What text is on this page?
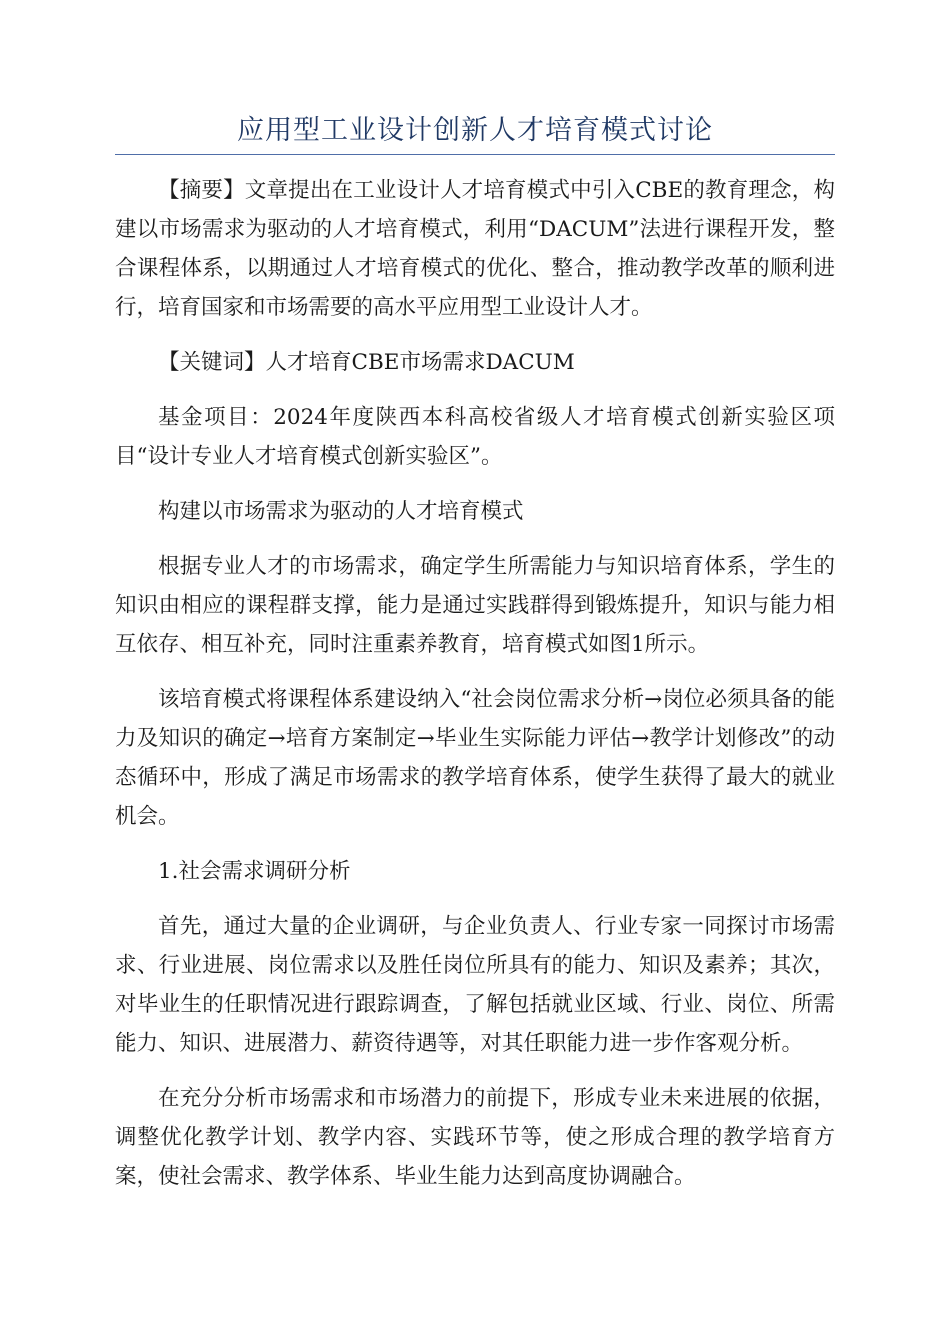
应用型工业设计创新人才培育模式讨论

【摘要】文章提出在工业设计人才培育模式中引入CBE的教育理念，构建以市场需求为驱动的人才培育模式，利用“DACUM”法进行课程开发，整合课程体系，以期通过人才培育模式的优化、整合，推动教学改革的顺利进行，培育国家和市场需要的高水平应用型工业设计人才。

【关键词】人才培育CBE市场需求DACUM

基金项目：2024年度陕西本科高校省级人才培育模式创新实验区项目“设计专业人才培育模式创新实验区”。

构建以市场需求为驱动的人才培育模式

根据专业人才的市场需求，确定学生所需能力与知识培育体系，学生的知识由相应的课程群支撑，能力是通过实践群得到锻炼提升，知识与能力相互依存、相互补充，同时注重素养教育，培育模式如图1所示。

该培育模式将课程体系建设纳入“社会岗位需求分析→岗位必须具备的能力及知识的确定→培育方案制定→毕业生实际能力评估→教学计划修改”的动态循环中，形成了满足市场需求的教学培育体系，使学生获得了最大的就业机会。

1.社会需求调研分析

首先，通过大量的企业调研，与企业负责人、行业专家一同探讨市场需求、行业进展、岗位需求以及胜任岗位所具有的能力、知识及素养；其次，对毕业生的任职情况进行跟踪调查，了解包括就业区域、行业、岗位、所需能力、知识、进展潜力、薪资待遇等，对其任职能力进一步作客观分析。

在充分分析市场需求和市场潜力的前提下，形成专业未来进展的依据，调整优化教学计划、教学内容、实践环节等，使之形成合理的教学培育方案，使社会需求、教学体系、毕业生能力达到高度协调融合。
